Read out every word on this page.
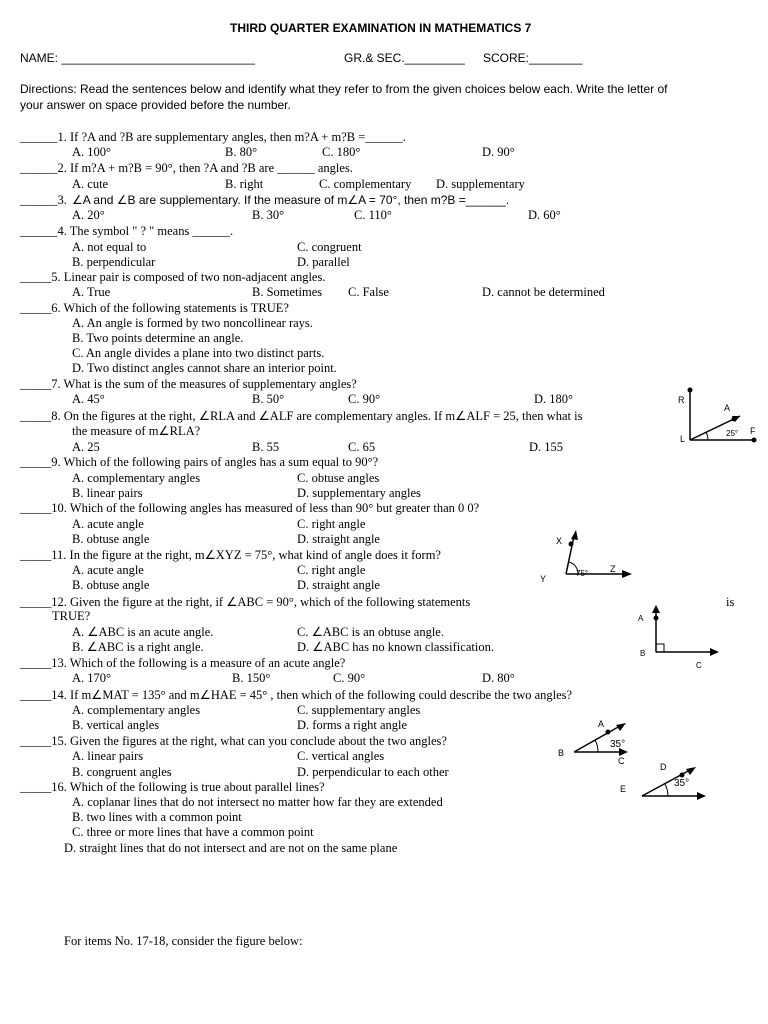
THIRD QUARTER EXAMINATION IN MATHEMATICS 7
NAME: _____________________________	GR.& SEC._________ SCORE:________
Directions: Read the sentences below and identify what they refer to from the given choices below each. Write the letter of
your answer on space provided before the number.
______1. If ?A and ?B are supplementary angles, then m?A + m?B =______.
A. 100°	B. 80°	C. 180°	D. 90°
______2. If m?A + m?B = 90°, then ?A and ?B are ______ angles.
A. cute	B. right	C. complementary D. supplementary
______3. ∠A and ∠B are supplementary. If the measure of m∠A = 70°, then m?B =______.
A. 20°	B. 30°	C. 110°	D. 60°
______4. The symbol " ? " means ______.
A. not equal to	C. congruent
B. perpendicular	D. parallel
_____5. Linear pair is composed of two non-adjacent angles.
A. True	B. Sometimes C. False	D. cannot be determined
_____6. Which of the following statements is TRUE?
A. An angle is formed by two noncollinear rays.
B. Two points determine an angle.
C. An angle divides a plane into two distinct parts.
D. Two distinct angles cannot share an interior point.
_____7. What is the sum of the measures of supplementary angles?
A. 45°	B. 50°	C. 90°	D. 180°
_____8. On the figures at the right, ∠RLA and ∠ALF are complementary angles. If m∠ALF = 25, then what is
the measure of m∠RLA?
A. 25	B. 55	C. 65	D. 155
_____9. Which of the following pairs of angles has a sum equal to 90°?
A. complementary angles	C. obtuse angles
B. linear pairs	D. supplementary angles
_____10. Which of the following angles has measured of less than 90° but greater than 0 0?
A. acute angle	C. right angle
B. obtuse angle	D. straight angle
_____11. In the figure at the right, m∠XYZ = 75°, what kind of angle does it form?
A. acute angle	C. right angle
B. obtuse angle	D. straight angle
_____12. Given the figure at the right, if ∠ABC = 90°, which of the following statements	is
TRUE?
A. ∠ABC is an acute angle.	C. ∠ABC is an obtuse angle.
B. ∠ABC is a right angle.	D. ∠ABC has no known classification.
_____13. Which of the following is a measure of an acute angle?
A. 170°	B. 150°	C. 90°	D. 80°
_____14. If m∠MAT = 135° and m∠HAE = 45° , then which of the following could describe the two angles?
A. complementary angles	C. supplementary angles
B. vertical angles	D. forms a right angle
_____15. Given the figures at the right, what can you conclude about the two angles?
A. linear pairs	C. vertical angles
B. congruent angles	D. perpendicular to each other
_____16. Which of the following is true about parallel lines?
A. coplanar lines that do not intersect no matter how far they are extended
B. two lines with a common point
C. three or more lines that have a common point
D. straight lines that do not intersect and are not on the same plane
For items No. 17-18, consider the figure below:
R
A
L
F
25°
X
Y
Z
75°
A
B
C
A
B
C
35°
D
E	35°
